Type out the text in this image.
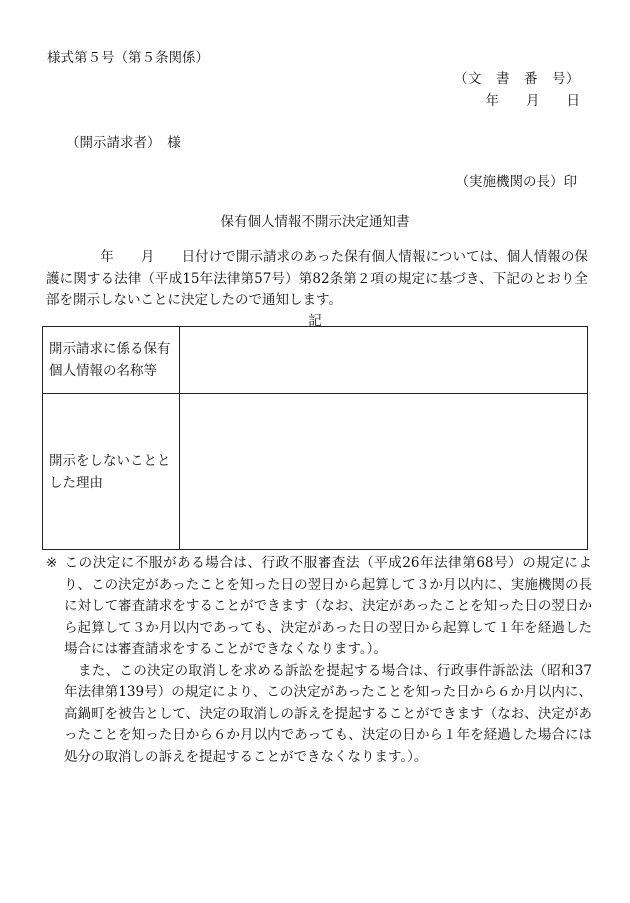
様式第５号（第５条関係）
（文　書　番　号）
年　　月　　日
（開示請求者）　様
（実施機関の長）印
保有個人情報不開示決定通知書
　　　　年　　月　　日付けで開示請求のあった保有個人情報については、個人情報の保護に関する法律（平成15年法律第57号）第82条第２項の規定に基づき、下記のとおり全部を開示しないことに決定したので通知します。
記
開示請求に係る保有個人情報の名称等	
開示をしないこととした理由	
※ この決定に不服がある場合は、行政不服審査法（平成26年法律第68号）の規定により、この決定があったことを知った日の翌日から起算して３か月以内に、実施機関の長に対して審査請求をすることができます（なお、決定があったことを知った日の翌日から起算して３か月以内であっても、決定があった日の翌日から起算して１年を経過した場合には審査請求をすることができなくなります。）。
また、この決定の取消しを求める訴訟を提起する場合は、行政事件訴訟法（昭和37年法律第139号）の規定により、この決定があったことを知った日から６か月以内に、高鍋町を被告として、決定の取消しの訴えを提起することができます（なお、決定があったことを知った日から６か月以内であっても、決定の日から１年を経過した場合には処分の取消しの訴えを提起することができなくなります。）。
